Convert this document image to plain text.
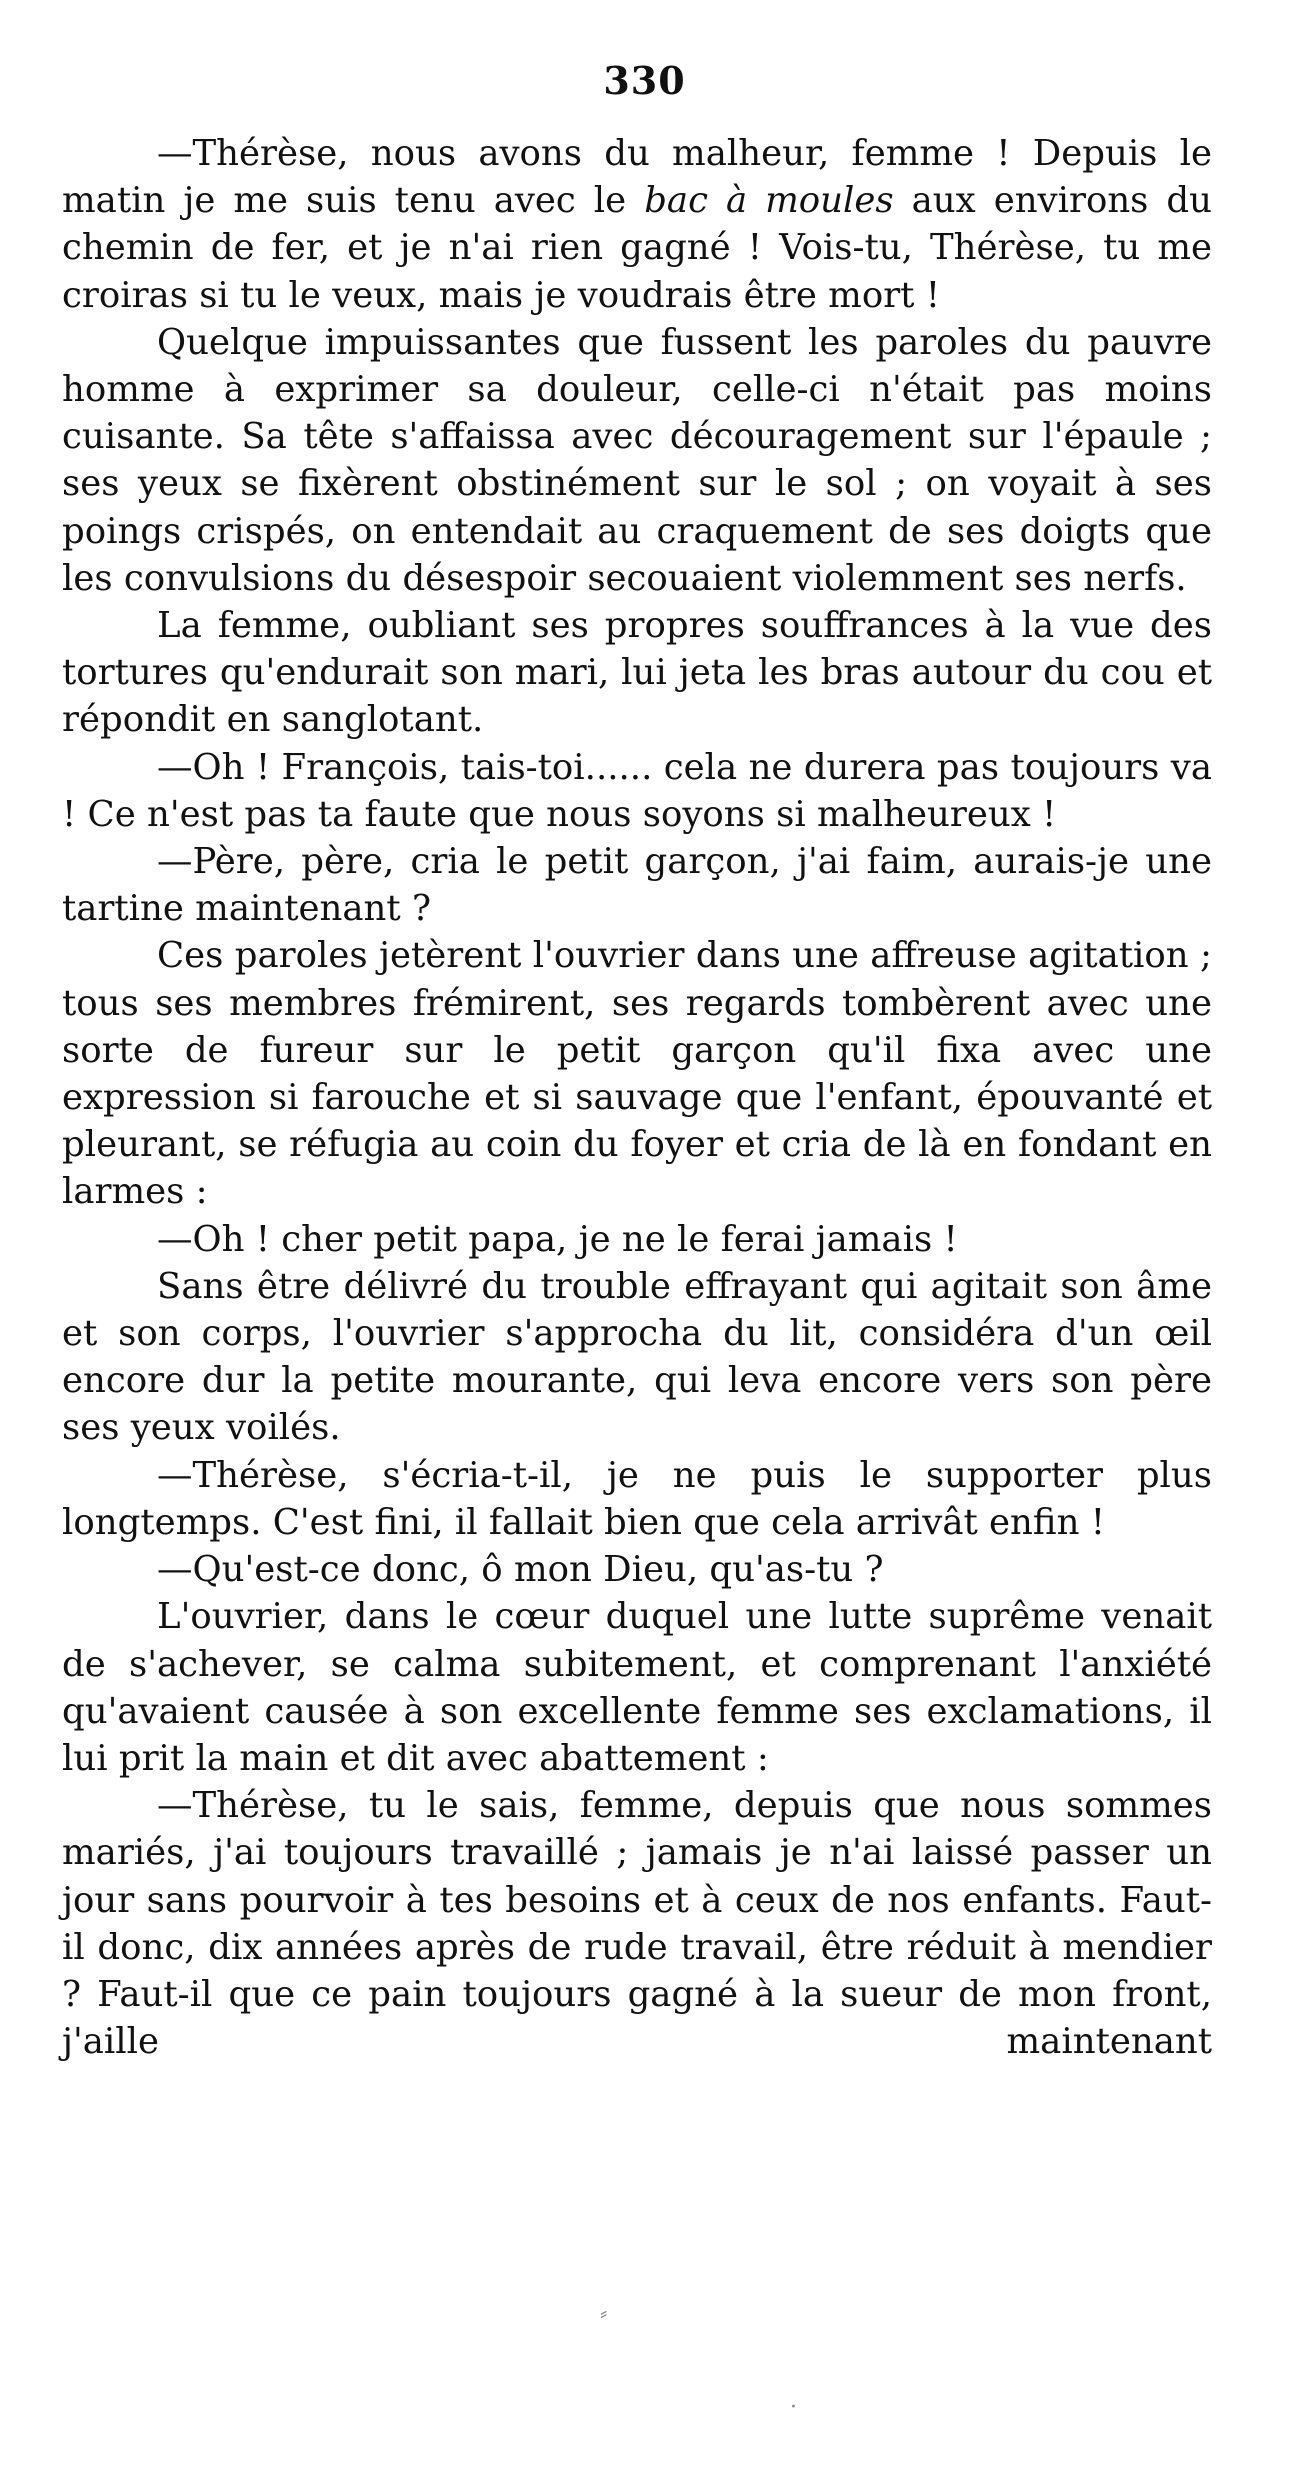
330

—Thérèse, nous avons du malheur, femme ! Depuis le matin je me suis tenu avec le bac à moules aux environs du chemin de fer, et je n'ai rien gagné ! Vois-tu, Thérèse, tu me croiras si tu le veux, mais je voudrais être mort !

Quelque impuissantes que fussent les paroles du pauvre homme à exprimer sa douleur, celle-ci n'était pas moins cuisante. Sa tête s'affaissa avec découragement sur l'épaule ; ses yeux se fixèrent obstinément sur le sol ; on voyait à ses poings crispés, on entendait au craquement de ses doigts que les convulsions du désespoir secouaient violemment ses nerfs.

La femme, oubliant ses propres souffrances à la vue des tortures qu'endurait son mari, lui jeta les bras autour du cou et répondit en sanglotant.

—Oh ! François, tais-toi...... cela ne durera pas toujours va ! Ce n'est pas ta faute que nous soyons si malheureux !

—Père, père, cria le petit garçon, j'ai faim, aurais-je une tartine maintenant ?

Ces paroles jetèrent l'ouvrier dans une affreuse agitation ; tous ses membres frémirent, ses regards tombèrent avec une sorte de fureur sur le petit garçon qu'il fixa avec une expression si farouche et si sauvage que l'enfant, épouvanté et pleurant, se réfugia au coin du foyer et cria de là en fondant en larmes :

—Oh ! cher petit papa, je ne le ferai jamais !

Sans être délivré du trouble effrayant qui agitait son âme et son corps, l'ouvrier s'approcha du lit, considéra d'un œil encore dur la petite mourante, qui leva encore vers son père ses yeux voilés.

—Thérèse, s'écria-t-il, je ne puis le supporter plus longtemps. C'est fini, il fallait bien que cela arrivât enfin !

—Qu'est-ce donc, ô mon Dieu, qu'as-tu ?

L'ouvrier, dans le cœur duquel une lutte suprême venait de s'achever, se calma subitement, et comprenant l'anxiété qu'avaient causée à son excellente femme ses exclamations, il lui prit la main et dit avec abattement :

—Thérèse, tu le sais, femme, depuis que nous sommes mariés, j'ai toujours travaillé ; jamais je n'ai laissé passer un jour sans pourvoir à tes besoins et à ceux de nos enfants. Faut-il donc, dix années après de rude travail, être réduit à mendier ? Faut-il que ce pain toujours gagné à la sueur de mon front, j'aille maintenant

⸗
·
